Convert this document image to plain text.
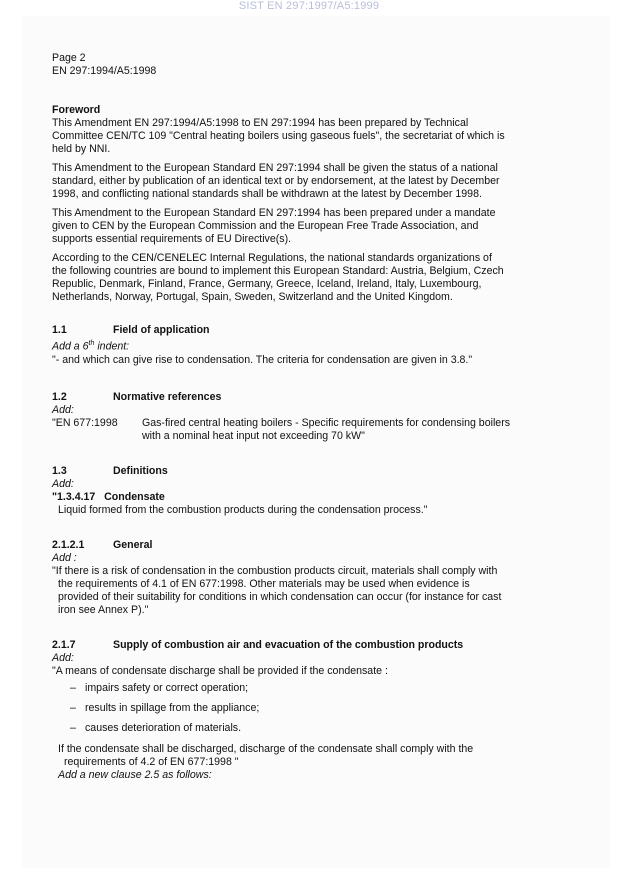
SIST EN 297:1997/A5:1999
Page 2
EN 297:1994/A5:1998
Foreword
This Amendment EN 297:1994/A5:1998 to EN 297:1994 has been prepared by Technical
Committee CEN/TC 109 "Central heating boilers using gaseous fuels", the secretariat of which is
held by NNI.
This Amendment to the European Standard EN 297:1994 shall be given the status of a national
standard, either by publication of an identical text or by endorsement, at the latest by December
1998, and conflicting national standards shall be withdrawn at the latest by December 1998.
This Amendment to the European Standard EN 297:1994 has been prepared under a mandate
given to CEN by the European Commission and the European Free Trade Association, and
supports essential requirements of EU Directive(s).
According to the CEN/CENELEC Internal Regulations, the national standards organizations of
the following countries are bound to implement this European Standard: Austria, Belgium, Czech
Republic, Denmark, Finland, France, Germany, Greece, Iceland, Ireland, Italy, Luxembourg,
Netherlands, Norway, Portugal, Spain, Sweden, Switzerland and the United Kingdom.
1.1	Field of application
Add a 6th indent:
"- and which can give rise to condensation. The criteria for condensation are given in 3.8."
1.2	Normative references
Add:
"EN 677:1998	Gas-fired central heating boilers - Specific requirements for condensing boilers
with a nominal heat input not exceeding 70 kW"
1.3	Definitions
Add:
"1.3.4.17   Condensate
Liquid formed from the combustion products during the condensation process."
2.1.2.1	General
Add :
"If there is a risk of condensation in the combustion products circuit, materials shall comply with
the requirements of 4.1 of EN 677:1998. Other materials may be used when evidence is
provided of their suitability for conditions in which condensation can occur (for instance for cast
iron see Annex P)."
2.1.7	Supply of combustion air and evacuation of the combustion products
Add:
"A means of condensate discharge shall be provided if the condensate :
– impairs safety or correct operation;
– results in spillage from the appliance;
– causes deterioration of materials.
If the condensate shall be discharged, discharge of the condensate shall comply with the
requirements of 4.2 of EN 677:1998 "
Add a new clause 2.5 as follows:
